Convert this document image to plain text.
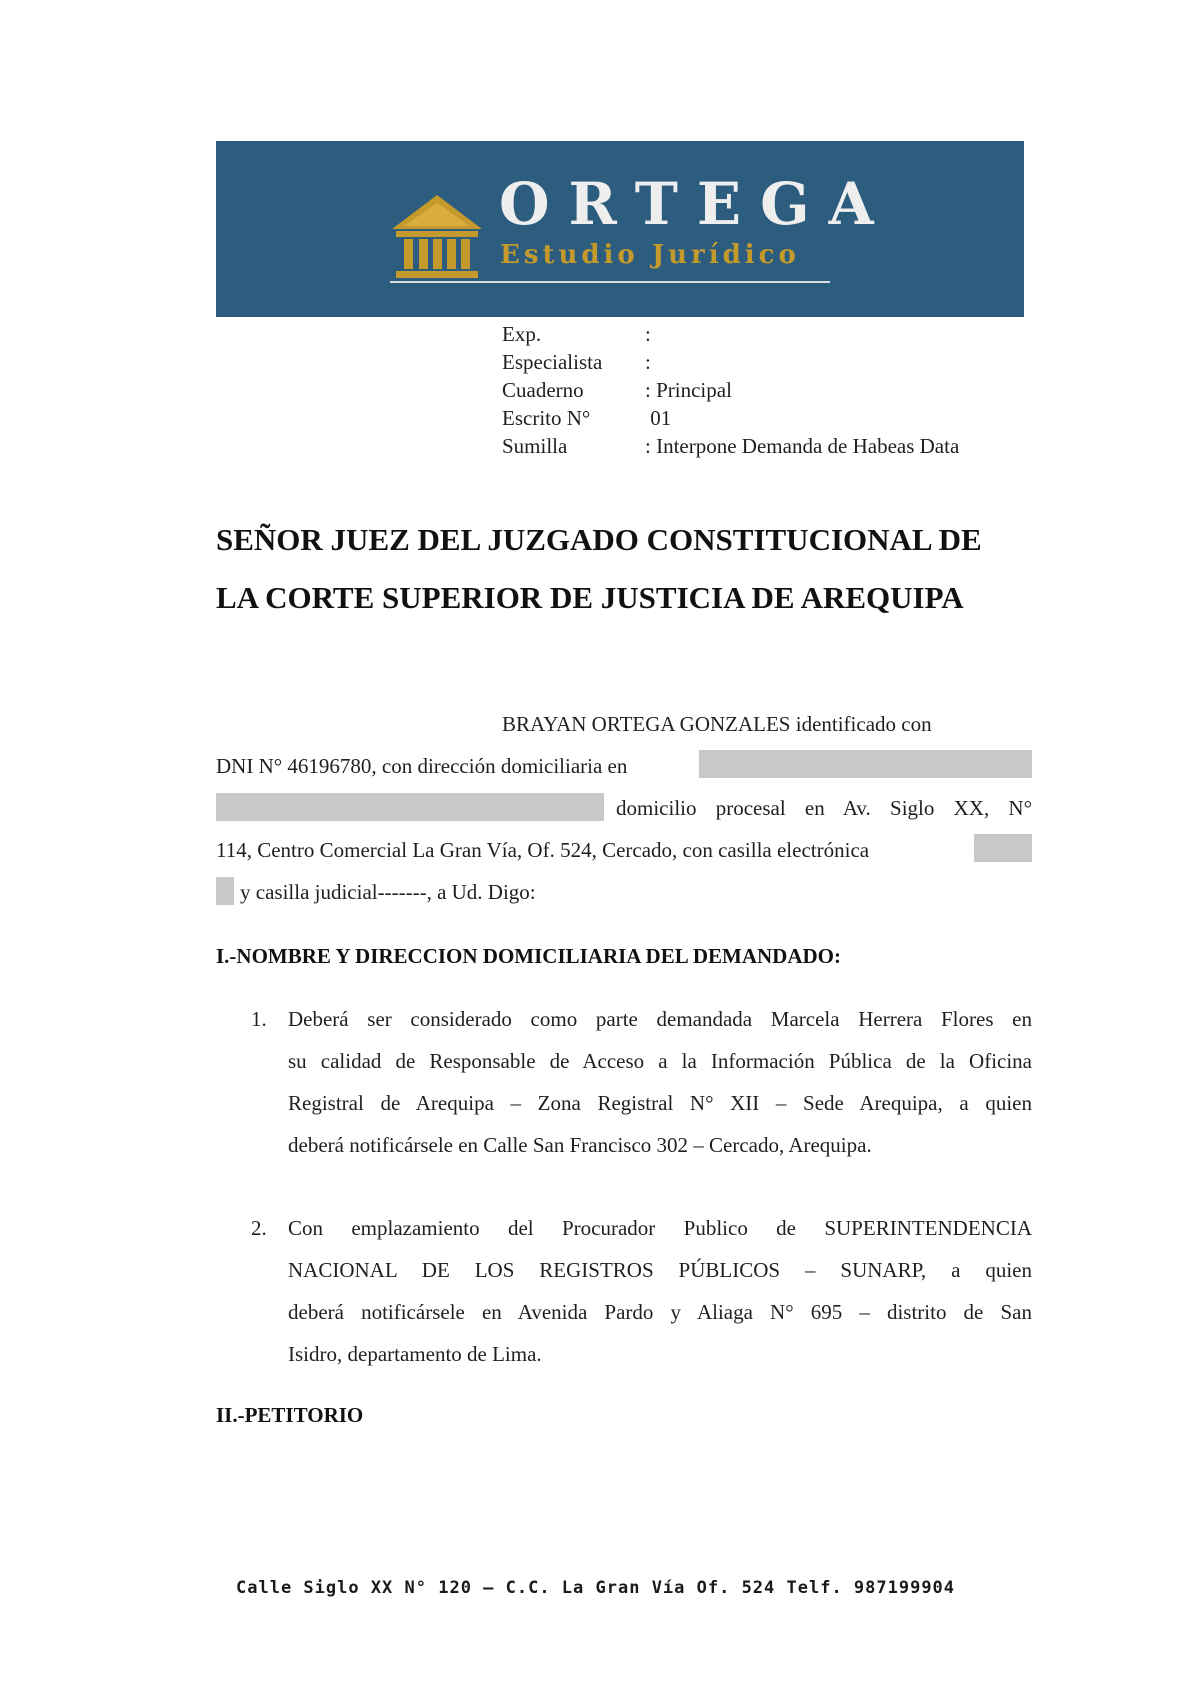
ORTEGA
Estudio Jurídico
Exp.	:
Especialista :
Cuaderno	: Principal
Escrito N°	01
Sumilla	: Interpone Demanda de Habeas Data
SEÑOR JUEZ DEL JUZGADO CONSTITUCIONAL DE
LA CORTE SUPERIOR DE JUSTICIA DE AREQUIPA
BRAYAN ORTEGA GONZALES identificado con
DNI N° 46196780, con dirección domiciliaria en
domicilio procesal en Av. Siglo XX, N°
114, Centro Comercial La Gran Vía, Of. 524, Cercado, con casilla electrónica
y casilla judicial-------, a Ud. Digo:
I.-NOMBRE Y DIRECCION DOMICILIARIA DEL DEMANDADO:
1. Deberá ser considerado como parte demandada Marcela Herrera Flores en
su calidad de Responsable de Acceso a la Información Pública de la Oficina
Registral de Arequipa – Zona Registral N° XII – Sede Arequipa, a quien
deberá notificársele en Calle San Francisco 302 – Cercado, Arequipa.
2. Con emplazamiento del Procurador Publico de SUPERINTENDENCIA
NACIONAL DE LOS REGISTROS PÚBLICOS – SUNARP, a quien
deberá notificársele en Avenida Pardo y Aliaga N° 695 – distrito de San
Isidro, departamento de Lima.
II.-PETITORIO
Calle Siglo XX N° 120 – C.C. La Gran Vía Of. 524 Telf. 987199904
